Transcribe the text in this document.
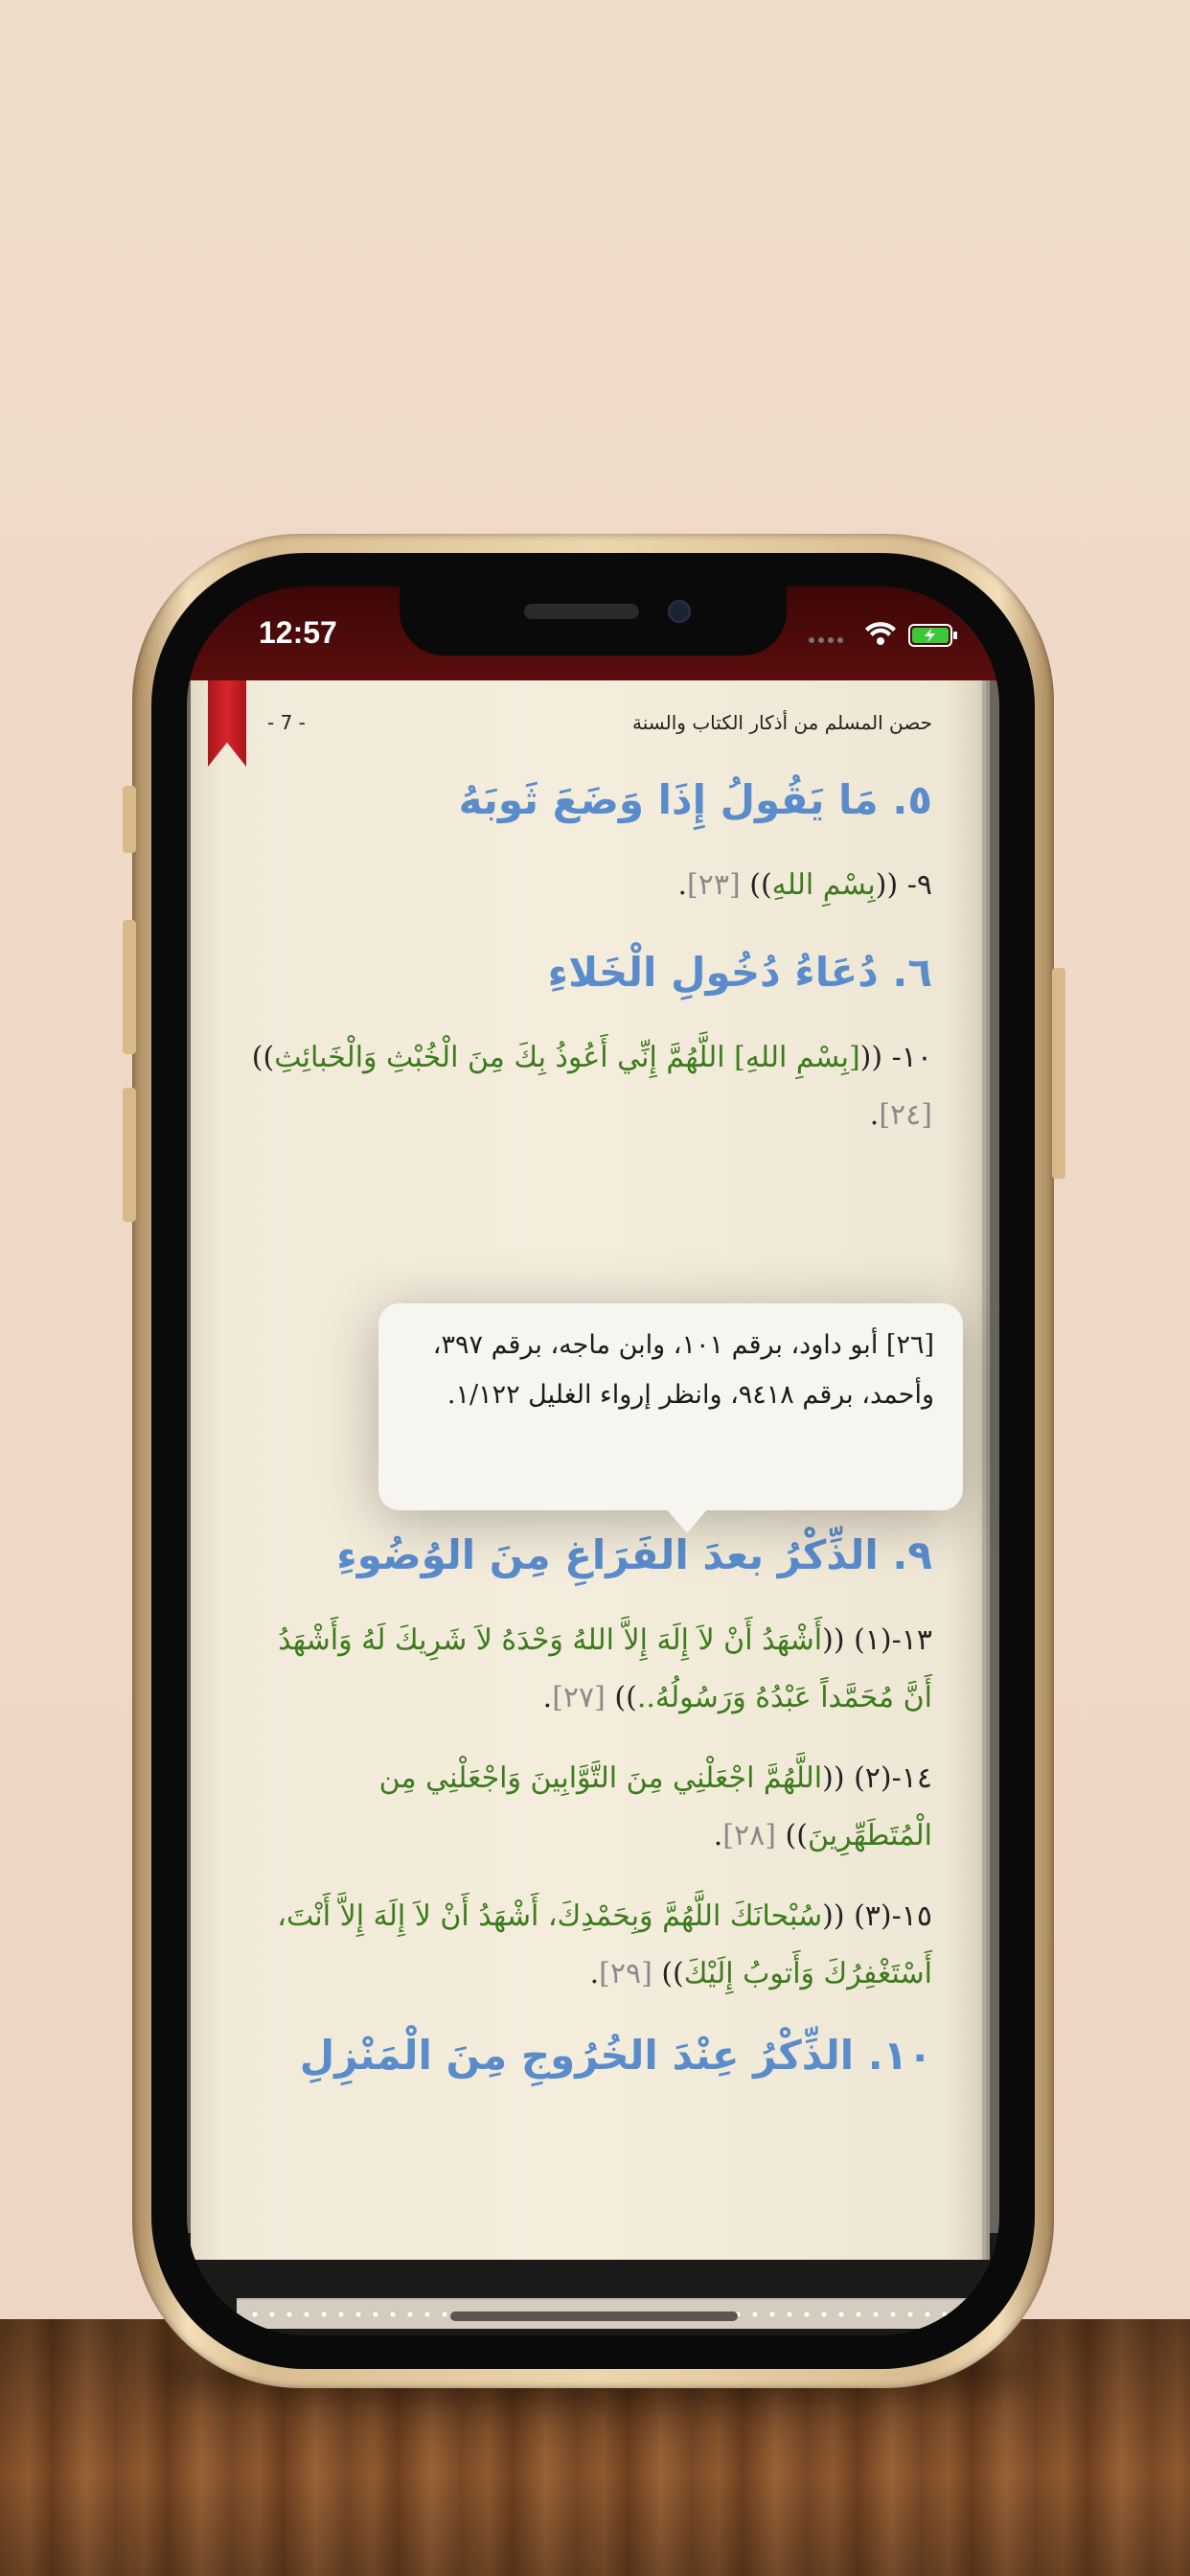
12:57
- 7 -	حصن المسلم من أذكار الكتاب والسنة
٥. مَا يَقُولُ إِذَا وَضَعَ ثَوبَهُ
٩- ((بِسْمِ اللهِ)) [٢٣].
٦. دُعَاءُ دُخُولِ الْخَلاءِ
١٠- (([بِسْمِ اللهِ] اللَّهُمَّ إِنِّي أَعُوذُ بِكَ مِنَ الْخُبْثِ وَالْخَبائِثِ)) [٢٤].
٩. الذِّكْرُ بعدَ الفَرَاغِ مِنَ الوُضُوءِ
١٣-(١) ((أَشْهَدُ أَنْ لاَ إِلَهَ إِلاَّ اللهُ وَحْدَهُ لاَ شَرِيكَ لَهُ وَأَشْهَدُ أَنَّ مُحَمَّداً عَبْدُهُ وَرَسُولُهُ..)) [٢٧].
١٤-(٢) ((اللَّهُمَّ اجْعَلْنِي مِنَ التَّوَّابِينَ وَاجْعَلْنِي مِن الْمُتَطَهِّرِينَ)) [٢٨].
١٥-(٣) ((سُبْحانَكَ اللَّهُمَّ وَبِحَمْدِكَ، أَشْهَدُ أَنْ لاَ إِلَهَ إِلاَّ أَنْتَ، أَسْتَغْفِرُكَ وَأَتوبُ إِلَيْكَ)) [٢٩].
١٠. الذِّكْرُ عِنْدَ الخُرُوجِ مِنَ الْمَنْزِلِ
[٢٦] أبو داود، برقم ١٠١، وابن ماجه، برقم ٣٩٧، وأحمد، برقم ٩٤١٨، وانظر إرواء الغليل ١/١٢٢.
